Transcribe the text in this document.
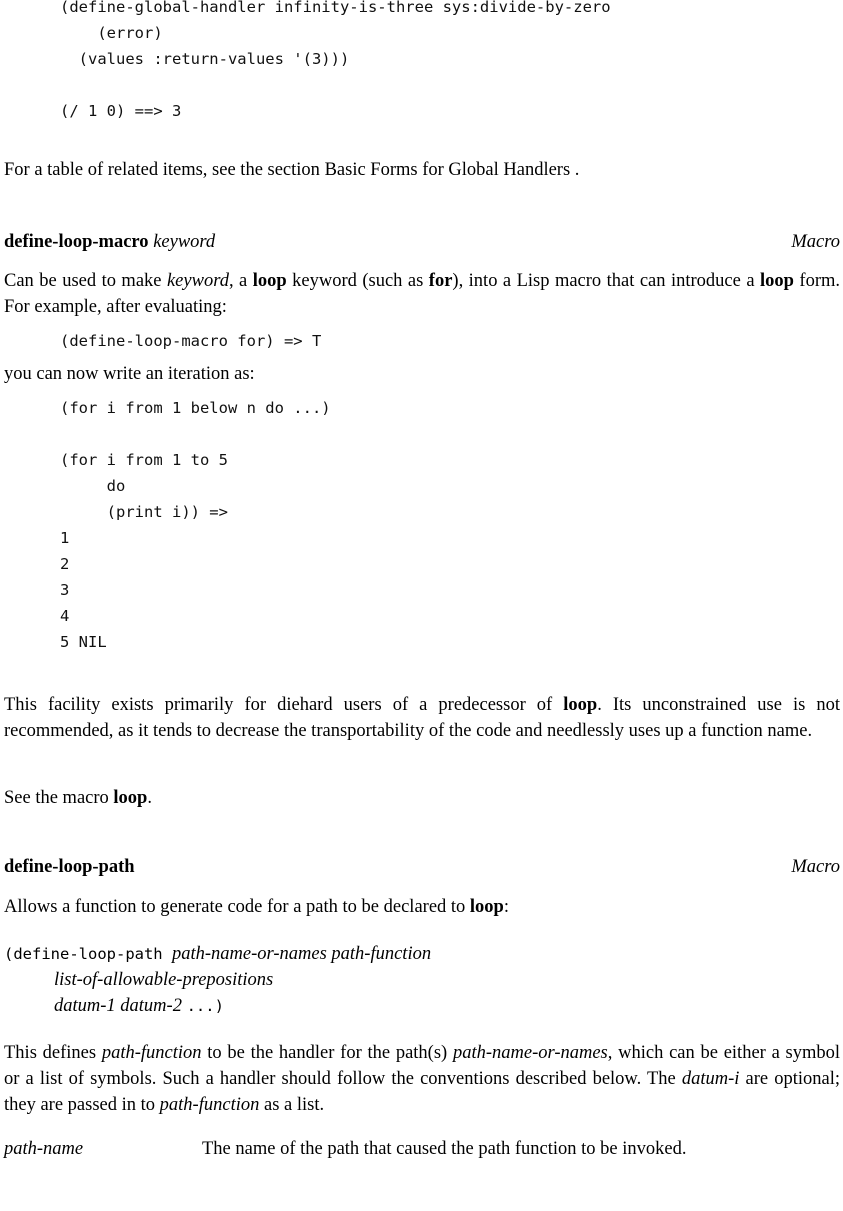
(define-global-handler infinity-is-three sys:divide-by-zero
(error)
(values :return-values '(3)))

(/ 1 0) ==> 3

For a table of related items, see the section Basic Forms for Global Handlers .

define-loop-macro keyword	Macro

Can be used to make keyword, a loop keyword (such as for), into a Lisp macro that can introduce a loop form. For example, after evaluating:

(define-loop-macro for) => T

you can now write an iteration as:

(for i from 1 below n do ...)

(for i from 1 to 5
do
(print i)) =>
1
2
3
4
5 NIL

This facility exists primarily for diehard users of a predecessor of loop. Its unconstrained use is not recommended, as it tends to decrease the transportability of the code and needlessly uses up a function name.

See the macro loop.

define-loop-path	Macro

Allows a function to generate code for a path to be declared to loop:

(define-loop-path path-name-or-names path-function
list-of-allowable-prepositions
datum-1 datum-2 ...)

This defines path-function to be the handler for the path(s) path-name-or-names, which can be either a symbol or a list of symbols. Such a handler should follow the conventions described below. The datum-i are optional; they are passed in to path-function as a list.

path-name	The name of the path that caused the path function to be invoked.
